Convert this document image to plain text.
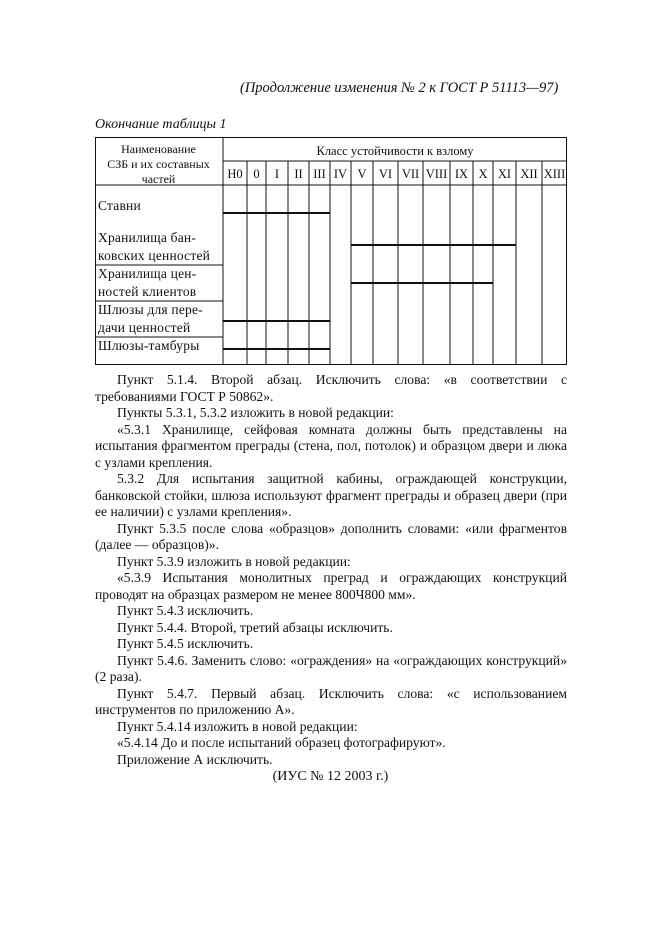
(Продолжение изменения № 2 к ГОСТ Р 51113—97)
Окончание таблицы 1
Наименование
СЗБ и их составных
частей
Класс устойчивости к взлому
Н0 0	I	II III IV V VI VII VIII IX X XI XII XIII
Ставни
Хранилища бан-
ковских ценностей
Хранилища цен-
ностей клиентов
Шлюзы для пере-
дачи ценностей
Шлюзы-тамбуры

Пункт 5.1.4. Второй абзац. Исключить слова: «в соответствии с требованиями ГОСТ Р 50862».

Пункты 5.3.1, 5.3.2 изложить в новой редакции:

«5.3.1 Хранилище, сейфовая комната должны быть представлены на испытания фрагментом преграды (стена, пол, потолок) и образцом двери и люка с узлами крепления.

5.3.2 Для испытания защитной кабины, ограждающей конструкции, банковской стойки, шлюза используют фрагмент преграды и образец двери (при ее наличии) с узлами крепления».

Пункт 5.3.5 после слова «образцов» дополнить словами: «или фрагментов (далее — образцов)».

Пункт 5.3.9 изложить в новой редакции:

«5.3.9 Испытания монолитных преград и ограждающих конструкций проводят на образцах размером не менее 800Ч800 мм».

Пункт 5.4.3 исключить.

Пункт 5.4.4. Второй, третий абзацы исключить.

Пункт 5.4.5 исключить.

Пункт 5.4.6. Заменить слово: «ограждения» на «ограждающих конструкций» (2 раза).

Пункт 5.4.7. Первый абзац. Исключить слова: «с использованием инструментов по приложению А».

Пункт 5.4.14 изложить в новой редакции:

«5.4.14 До и после испытаний образец фотографируют».

Приложение А исключить.

(ИУС № 12 2003 г.)
